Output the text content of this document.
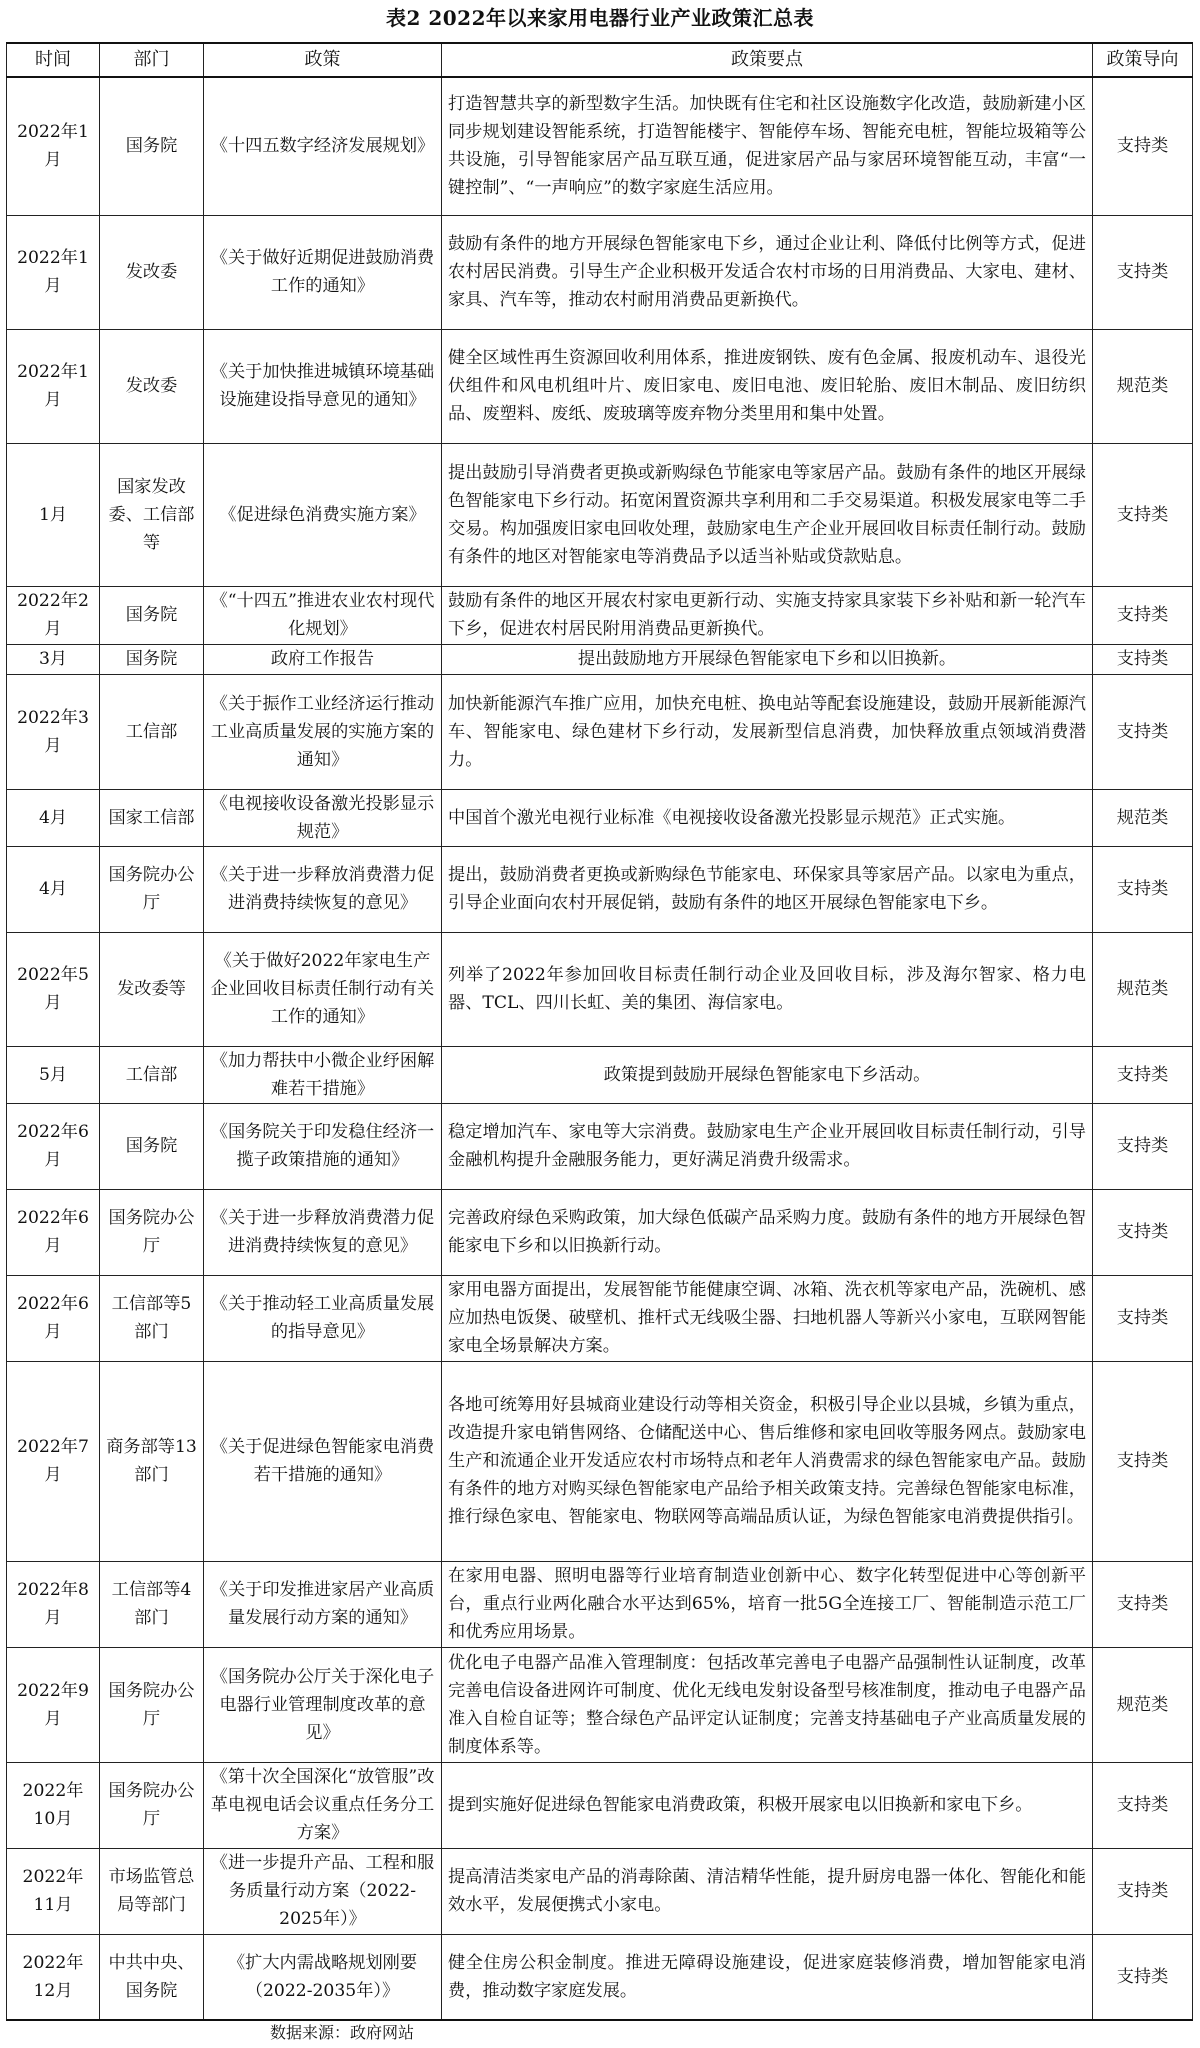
表2 2022年以来家用电器行业产业政策汇总表
时间	部门	政策	政策要点	政策导向
2022年1月	国务院	《十四五数字经济发展规划》	打造智慧共享的新型数字生活。加快既有住宅和社区设施数字化改造，鼓励新建小区同步规划建设智能系统，打造智能楼宇、智能停车场、智能充电桩，智能垃圾箱等公共设施，引导智能家居产品互联互通，促进家居产品与家居环境智能互动，丰富“一键控制”、“一声响应”的数字家庭生活应用。	支持类
2022年1月	发改委	《关于做好近期促进鼓励消费工作的通知》	鼓励有条件的地方开展绿色智能家电下乡，通过企业让利、降低付比例等方式，促进农村居民消费。引导生产企业积极开发适合农村市场的日用消费品、大家电、建材、家具、汽车等，推动农村耐用消费品更新换代。	支持类
2022年1月	发改委	《关于加快推进城镇环境基础设施建设指导意见的通知》	健全区域性再生资源回收利用体系，推进废钢铁、废有色金属、报废机动车、退役光伏组件和风电机组叶片、废旧家电、废旧电池、废旧轮胎、废旧木制品、废旧纺织品、废塑料、废纸、废玻璃等废弃物分类里用和集中处置。	规范类
1月	国家发改委、工信部等	《促进绿色消费实施方案》	提出鼓励引导消费者更换或新购绿色节能家电等家居产品。鼓励有条件的地区开展绿色智能家电下乡行动。拓宽闲置资源共享利用和二手交易渠道。积极发展家电等二手交易。构加强废旧家电回收处理，鼓励家电生产企业开展回收目标责任制行动。鼓励有条件的地区对智能家电等消费品予以适当补贴或贷款贴息。	支持类
2022年2月	国务院	《“十四五”推进农业农村现代化规划》	鼓励有条件的地区开展农村家电更新行动、实施支持家具家装下乡补贴和新一轮汽车下乡，促进农村居民附用消费品更新换代。	支持类
3月	国务院	政府工作报告	提出鼓励地方开展绿色智能家电下乡和以旧换新。	支持类
2022年3月	工信部	《关于振作工业经济运行推动工业高质量发展的实施方案的通知》	加快新能源汽车推广应用，加快充电桩、换电站等配套设施建设，鼓励开展新能源汽车、智能家电、绿色建材下乡行动，发展新型信息消费，加快释放重点领域消费潜力。	支持类
4月	国家工信部	《电视接收设备激光投影显示规范》	中国首个激光电视行业标准《电视接收设备激光投影显示规范》正式实施。	规范类
4月	国务院办公厅	《关于进一步释放消费潜力促进消费持续恢复的意见》	提出，鼓励消费者更换或新购绿色节能家电、环保家具等家居产品。以家电为重点，引导企业面向农村开展促销，鼓励有条件的地区开展绿色智能家电下乡。	支持类
2022年5月	发改委等	《关于做好2022年家电生产企业回收目标责任制行动有关工作的通知》	列举了2022年参加回收目标责任制行动企业及回收目标，涉及海尔智家、格力电器、TCL、四川长虹、美的集团、海信家电。	规范类
5月	工信部	《加力帮扶中小微企业纾困解难若干措施》	政策提到鼓励开展绿色智能家电下乡活动。	支持类
2022年6月	国务院	《国务院关于印发稳住经济一揽子政策措施的通知》	稳定增加汽车、家电等大宗消费。鼓励家电生产企业开展回收目标责任制行动，引导金融机构提升金融服务能力，更好满足消费升级需求。	支持类
2022年6月	国务院办公厅	《关于进一步释放消费潜力促进消费持续恢复的意见》	完善政府绿色采购政策，加大绿色低碳产品采购力度。鼓励有条件的地方开展绿色智能家电下乡和以旧换新行动。	支持类
2022年6月	工信部等5部门	《关于推动轻工业高质量发展的指导意见》	家用电器方面提出，发展智能节能健康空调、冰箱、洗衣机等家电产品，洗碗机、感应加热电饭煲、破壁机、推杆式无线吸尘器、扫地机器人等新兴小家电，互联网智能家电全场景解决方案。	支持类
2022年7月	商务部等13部门	《关于促进绿色智能家电消费若干措施的通知》	各地可统筹用好县城商业建设行动等相关资金，积极引导企业以县城，乡镇为重点，改造提升家电销售网络、仓储配送中心、售后维修和家电回收等服务网点。鼓励家电生产和流通企业开发适应农村市场特点和老年人消费需求的绿色智能家电产品。鼓励有条件的地方对购买绿色智能家电产品给予相关政策支持。完善绿色智能家电标准，推行绿色家电、智能家电、物联网等高端品质认证，为绿色智能家电消费提供指引。	支持类
2022年8月	工信部等4部门	《关于印发推进家居产业高质量发展行动方案的通知》	在家用电器、照明电器等行业培育制造业创新中心、数字化转型促进中心等创新平台，重点行业两化融合水平达到65%，培育一批5G全连接工厂、智能制造示范工厂和优秀应用场景。	支持类
2022年9月	国务院办公厅	《国务院办公厅关于深化电子电器行业管理制度改革的意见》	优化电子电器产品准入管理制度：包括改革完善电子电器产品强制性认证制度，改革完善电信设备进网许可制度、优化无线电发射设备型号核准制度，推动电子电器产品准入自检自证等；整合绿色产品评定认证制度；完善支持基础电子产业高质量发展的制度体系等。	规范类
2022年10月	国务院办公厅	《第十次全国深化“放管服”改革电视电话会议重点任务分工方案》	提到实施好促进绿色智能家电消费政策，积极开展家电以旧换新和家电下乡。	支持类
2022年11月	市场监管总局等部门	《进一步提升产品、工程和服务质量行动方案（2022-2025年）》	提高清洁类家电产品的消毒除菌、清洁精华性能，提升厨房电器一体化、智能化和能效水平，发展便携式小家电。	支持类
2022年12月	中共中央、国务院	《扩大内需战略规划刚要（2022-2035年）》	健全住房公积金制度。推进无障碍设施建设，促进家庭装修消费，增加智能家电消费，推动数字家庭发展。	支持类
数据来源：政府网站
